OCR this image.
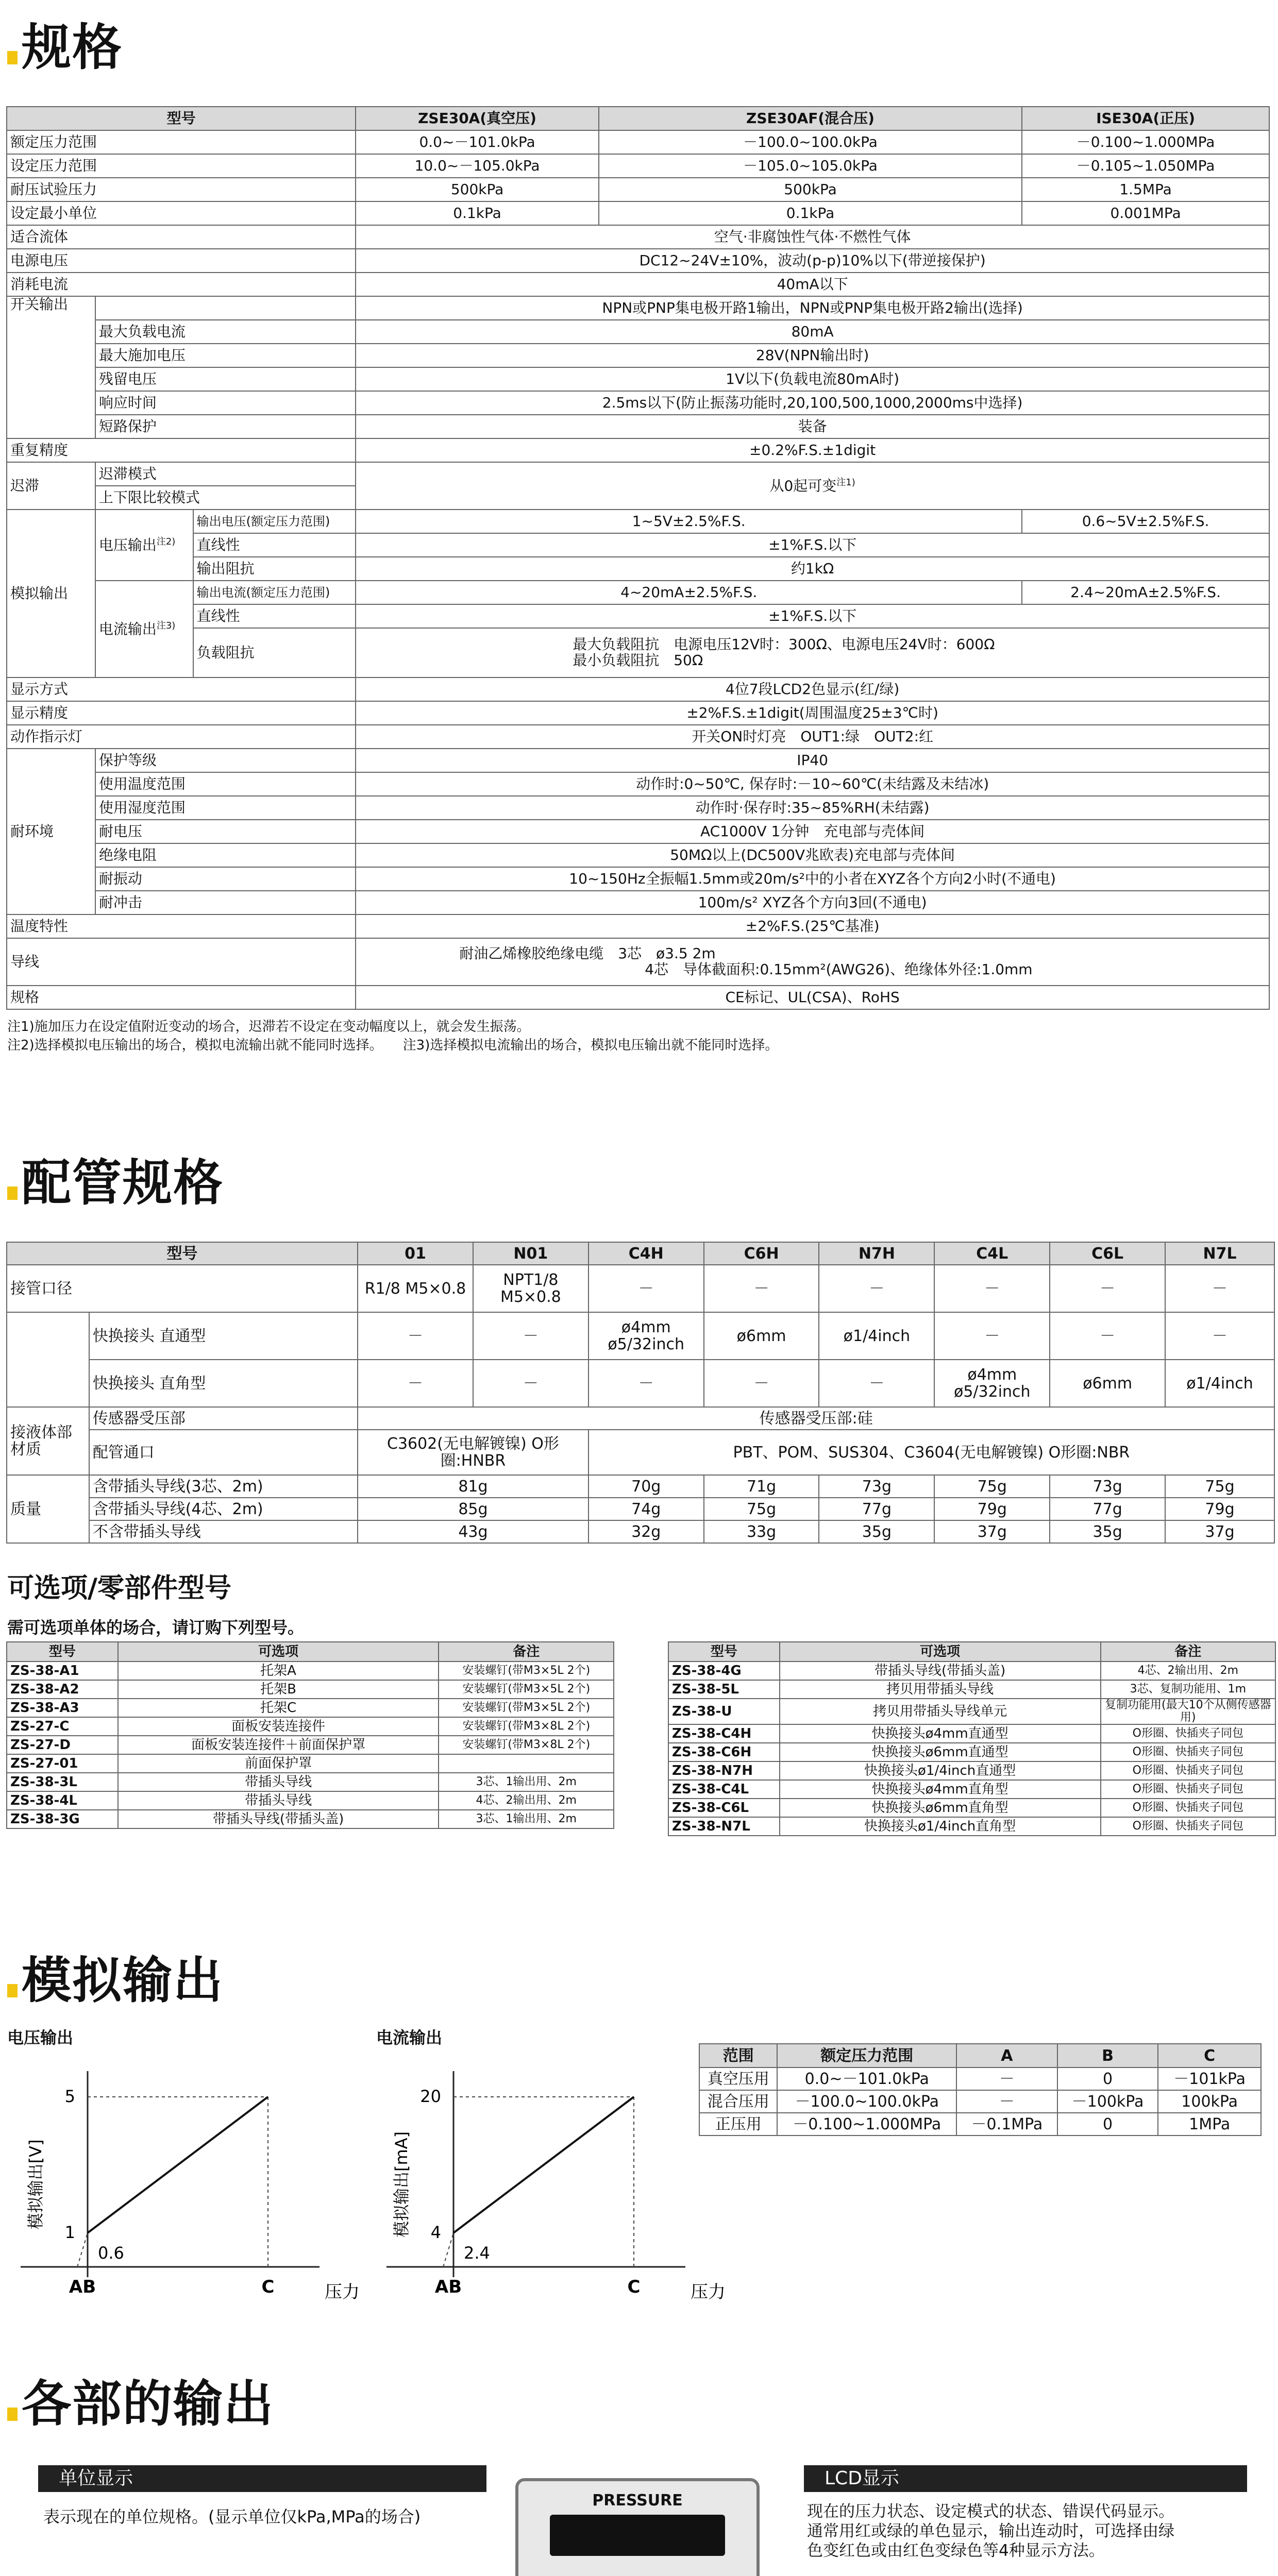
规格
型号			ZSE30A(真空压)	ZSE30AF(混合压)	ISE30A(正压)
额定压力范围			0.0~－101.0kPa	－100.0~100.0kPa	－0.100~1.000MPa
设定压力范围			10.0~－105.0kPa	－105.0~105.0kPa	－0.105~1.050MPa
耐压试验压力			500kPa	500kPa	1.5MPa
设定最小单位			0.1kPa	0.1kPa	0.001MPa
适合流体			空气·非腐蚀性气体·不燃性气体		
电源电压			DC12~24V±10%，波动(p-p)10%以下(带逆接保护)		
消耗电流			40mA以下		
开关输出			NPN或PNP集电极开路1输出，NPN或PNP集电极开路2输出(选择)		
	最大负载电流		80mA		
	最大施加电压		28V(NPN输出时)		
	残留电压		1V以下(负载电流80mA时)		
	响应时间		2.5ms以下(防止振荡功能时,20,100,500,1000,2000ms中选择)		
	短路保护		装备		
重复精度			±0.2%F.S.±1digit		
迟滞	迟滞模式		从0起可变$^{注1)}$
	上下限比较模式				
模拟输出	电压输出$^{注2)}$	输出电压(额定压力范围)	1~5V±2.5%F.S.		0.6~5V±2.5%F.S.
		直线性	±1%F.S.以下		
		输出阻抗	约1kΩ		
	电流输出$^{注3)}$	输出电流(额定压力范围)	4~20mA±2.5%F.S.		2.4~20mA±2.5%F.S.
		直线性	±1%F.S.以下		
		负载阻抗	最大负载阻抗　电源电压12V时：300Ω、电源电压24V时：600Ω
最小负载阻抗　50Ω		

显示方式			4位7段LCD2色显示(红/绿)		
显示精度			±2%F.S.±1digit(周围温度25±3℃时)		
动作指示灯			开关ON时灯亮　OUT1:绿　OUT2:红		
耐环境	保护等级		IP40		
	使用温度范围		动作时:0~50℃, 保存时:－10~60℃(未结露及未结冰)		
	使用湿度范围		动作时·保存时:35~85%RH(未结露)		
	耐电压		AC1000V 1分钟　充电部与壳体间		
	绝缘电阻		50MΩ以上(DC500V兆欧表)充电部与壳体间		
	耐振动		10~150Hz全振幅1.5mm或20m/s²中的小者在XYZ各个方向2小时(不通电)		
	耐冲击		100m/s² XYZ各个方向3回(不通电)		
温度特性			±2%F.S.(25℃基准)		
导线			耐油乙烯橡胶绝缘电缆　3芯　ø3.5 2m
4芯　导体截面积:0.15mm²(AWG26)、绝缘体外径:1.0mm		

规格			CE标记、UL(CSA)、RoHS		
注1)施加压力在设定值附近变动的场合，迟滞若不设定在变动幅度以上，就会发生振荡。
注2)选择模拟电压输出的场合，模拟电流输出就不能同时选择。　　注3)选择模拟电流输出的场合，模拟电压输出就不能同时选择。
配管规格
型号		01	N01	C4H	C6H	N7H	C4L	C6L	N7L
接管口径		R1/8 M5×0.8	NPT1/8 M5×0.8	－	－	－	－	－	－
	快换接头 直通型	－	－	ø4mm ø5/32inch	ø6mm	ø1/4inch	－	－	－
	快换接头 直角型	－	－	－	－	－	ø4mm ø5/32inch	ø6mm	ø1/4inch
接液体部材质	传感器受压部	传感器受压部:硅							
	配管通口	C3602(无电解镀镍) O形圈:HNBR		PBT、POM、SUS304、C3604(无电解镀镍) O形圈:NBR					
质量	含带插头导线(3芯、2m)	81g		70g	71g	73g	75g	73g	75g
	含带插头导线(4芯、2m)	85g		74g	75g	77g	79g	77g	79g
	不含带插头导线	43g		32g	33g	35g	37g	35g	37g
可选项/零部件型号
需可选项单体的场合，请订购下列型号。
型号	可选项	备注
ZS-38-A1	托架A	安装螺钉(带M3×5L 2个)
ZS-38-A2	托架B	安装螺钉(带M3×5L 2个)
ZS-38-A3	托架C	安装螺钉(带M3×5L 2个)
ZS-27-C	面板安装连接件	安装螺钉(带M3×8L 2个)
ZS-27-D	面板安装连接件＋前面保护罩	安装螺钉(带M3×8L 2个)
ZS-27-01	前面保护罩	
ZS-38-3L	带插头导线	3芯、1输出用、2m
ZS-38-4L	带插头导线	4芯、2输出用、2m
ZS-38-3G	带插头导线(带插头盖)	3芯、1输出用、2m
型号	可选项	备注
ZS-38-4G	带插头导线(带插头盖)	4芯、2输出用、2m
ZS-38-5L	拷贝用带插头导线	3芯、复制功能用、1m
ZS-38-U	拷贝用带插头导线单元	复制功能用(最大10个从侧传感器用)
ZS-38-C4H	快换接头ø4mm直通型	O形圈、快插夹子同包
ZS-38-C6H	快换接头ø6mm直通型	O形圈、快插夹子同包
ZS-38-N7H	快换接头ø1/4inch直通型	O形圈、快插夹子同包
ZS-38-C4L	快换接头ø4mm直角型	O形圈、快插夹子同包
ZS-38-C6L	快换接头ø6mm直角型	O形圈、快插夹子同包
ZS-38-N7L	快换接头ø1/4inch直角型	O形圈、快插夹子同包
模拟输出
电压输出	电流输出
5
1
0.6
AB	C	压力
模拟输出[V]
20
4
2.4
AB	C	压力
模拟输出[mA]
范围	额定压力范围	A	B	C
真空压用	0.0~－101.0kPa	－	0	－101kPa
混合压用	－100.0~100.0kPa	－	－100kPa	100kPa
正压用	－0.100~1.000MPa	－0.1MPa	0	1MPa
各部的输出
单位显示
表示现在的单位规格。(显示单位仅kPa,MPa的场合)
PRESSURE
LCD显示
现在的压力状态、设定模式的状态、错误代码显示。
通常用红或绿的单色显示，输出连动时，可选择由绿
色变红色或由红色变绿色等4种显示方法。
